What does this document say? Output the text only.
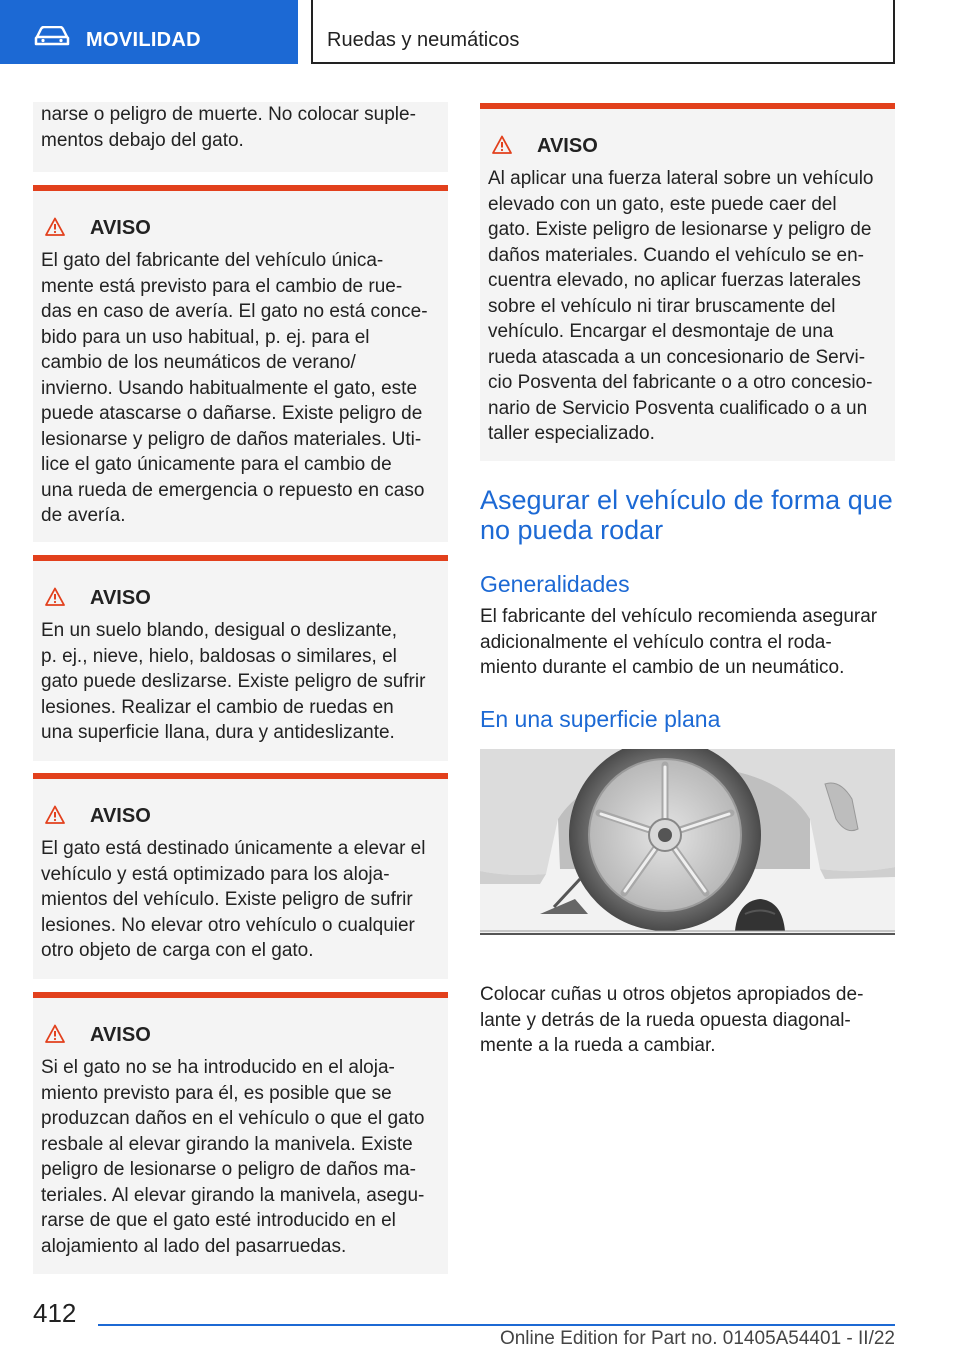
MOVILIDAD	Ruedas y neumáticos
narse o peligro de muerte. No colocar suple-
mentos debajo del gato.
AVISO
El gato del fabricante del vehículo única-
mente está previsto para el cambio de rue-
das en caso de avería. El gato no está conce-
bido para un uso habitual, p. ej. para el
cambio de los neumáticos de verano/
invierno. Usando habitualmente el gato, este
puede atascarse o dañarse. Existe peligro de
lesionarse y peligro de daños materiales. Uti-
lice el gato únicamente para el cambio de
una rueda de emergencia o repuesto en caso
de avería.
AVISO
En un suelo blando, desigual o deslizante,
p. ej., nieve, hielo, baldosas o similares, el
gato puede deslizarse. Existe peligro de sufrir
lesiones. Realizar el cambio de ruedas en
una superficie llana, dura y antideslizante.
AVISO
El gato está destinado únicamente a elevar el
vehículo y está optimizado para los aloja-
mientos del vehículo. Existe peligro de sufrir
lesiones. No elevar otro vehículo o cualquier
otro objeto de carga con el gato.
AVISO
Si el gato no se ha introducido en el aloja-
miento previsto para él, es posible que se
produzcan daños en el vehículo o que el gato
resbale al elevar girando la manivela. Existe
peligro de lesionarse o peligro de daños ma-
teriales. Al elevar girando la manivela, asegu-
rarse de que el gato esté introducido en el
alojamiento al lado del pasarruedas.
AVISO
Al aplicar una fuerza lateral sobre un vehículo
elevado con un gato, este puede caer del
gato. Existe peligro de lesionarse y peligro de
daños materiales. Cuando el vehículo se en-
cuentra elevado, no aplicar fuerzas laterales
sobre el vehículo ni tirar bruscamente del
vehículo. Encargar el desmontaje de una
rueda atascada a un concesionario de Servi-
cio Posventa del fabricante o a otro concesio-
nario de Servicio Posventa cualificado o a un
taller especializado.
Asegurar el vehículo de forma que
no pueda rodar
Generalidades
El fabricante del vehículo recomienda asegurar
adicionalmente el vehículo contra el roda-
miento durante el cambio de un neumático.
En una superficie plana
Colocar cuñas u otros objetos apropiados de-
lante y detrás de la rueda opuesta diagonal-
mente a la rueda a cambiar.
412
Online Edition for Part no. 01405A54401 - II/22
